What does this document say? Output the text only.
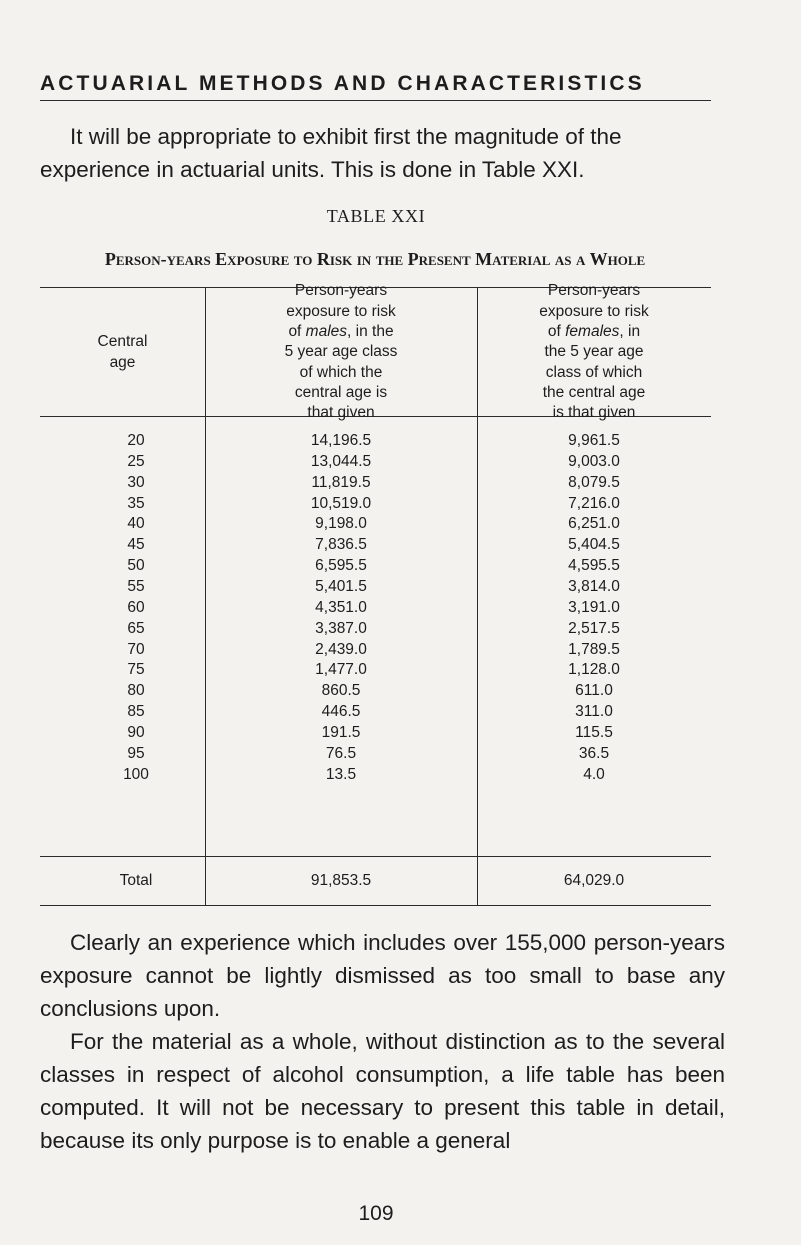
ACTUARIAL METHODS AND CHARACTERISTICS

It will be appropriate to exhibit first the magnitude of the
experience in actuarial units. This is done in Table XXI.

TABLE XXI
Person-years Exposure to Risk in the Present Material as a Whole
Central
age
Person-years
exposure to risk
of males, in the
5 year age class
of which the
central age is
that given
Person-years
exposure to risk
of females, in
the 5 year age
class of which
the central age
is that given
20	14,196.5	9,961.5
25	13,044.5	9,003.0
30	11,819.5	8,079.5
35	10,519.0	7,216.0
40	9,198.0	6,251.0
45	7,836.5	5,404.5
50	6,595.5	4,595.5
55	5,401.5	3,814.0
60	4,351.0	3,191.0
65	3,387.0	2,517.5
70	2,439.0	1,789.5
75	1,477.0	1,128.0
80	860.5	611.0
85	446.5	311.0
90	191.5	115.5
95	76.5	36.5
100	13.5	4.0
Total	91,853.5	64,029.0

Clearly an experience which includes over 155,000 person-years exposure cannot be lightly dismissed as too small to base any conclusions upon.

For the material as a whole, without distinction as to the several classes in respect of alcohol consumption, a life table has been computed. It will not be necessary to present this table in detail, because its only purpose is to enable a general

109
